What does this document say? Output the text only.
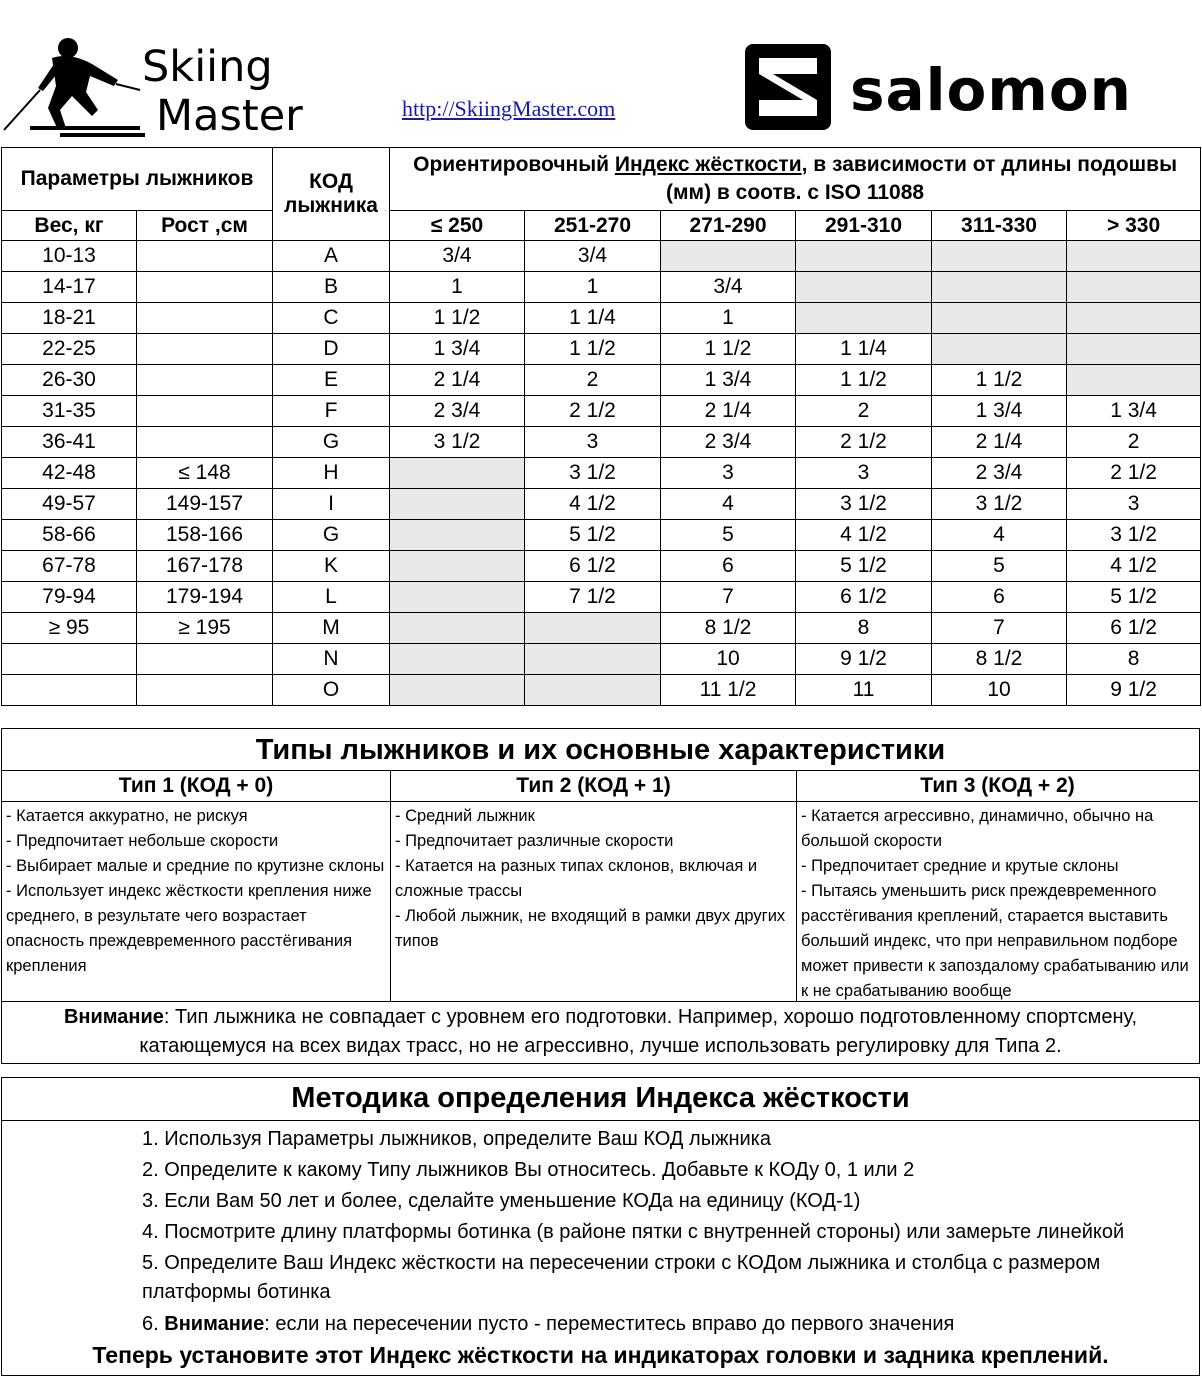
Skiing
Master	http://SkiingMaster.com	salomon
Параметры лыжников		КОД лыжника	Ориентировочный Индекс жёсткости, в зависимости от длины подошвы (мм) в соотв. с ISO 11088					
Вес, кг	Рост ,см		≤ 250	251-270	271-290	291-310	311-330	> 330
10-13		A	3/4	3/4				
14-17		B	1	1	3/4			
18-21		C	1 1/2	1 1/4	1			
22-25		D	1 3/4	1 1/2	1 1/2	1 1/4		
26-30		E	2 1/4	2	1 3/4	1 1/2	1 1/2	
31-35		F	2 3/4	2 1/2	2 1/4	2	1 3/4	1 3/4
36-41		G	3 1/2	3	2 3/4	2 1/2	2 1/4	2
42-48	≤ 148	H		3 1/2	3	3	2 3/4	2 1/2
49-57	149-157	I		4 1/2	4	3 1/2	3 1/2	3
58-66	158-166	G		5 1/2	5	4 1/2	4	3 1/2
67-78	167-178	K		6 1/2	6	5 1/2	5	4 1/2
79-94	179-194	L		7 1/2	7	6 1/2	6	5 1/2
≥ 95	≥ 195	M			8 1/2	8	7	6 1/2
		N			10	9 1/2	8 1/2	8
		O			11 1/2	11	10	9 1/2
Типы лыжников и их основные характеристики
Тип 1 (КОД + 0)
- Катается аккуратно, не рискуя
- Предпочитает небольше скорости
- Выбирает малые и средние по крутизне склоны
- Использует индекс жёсткости крепления ниже среднего, в результате чего возрастает опасность преждевременного расстёгивания крепления
Тип 2 (КОД + 1)
- Средний лыжник
- Предпочитает различные скорости
- Катается на разных типах склонов, включая и сложные трассы
- Любой лыжник, не входящий в рамки двух других типов
Тип 3 (КОД + 2)
- Катается агрессивно, динамично, обычно на большой скорости
- Предпочитает средние и крутые склоны
- Пытаясь уменьшить риск преждевременного расстёгивания креплений, старается выставить больший индекс, что при неправильном подборе может привести к запоздалому срабатыванию или к не срабатыванию вообще
Внимание: Тип лыжника не совпадает с уровнем его подготовки. Например, хорошо подготовленному спортсмену, катающемуся на всех видах трасс, но не агрессивно, лучше использовать регулировку для Типа 2.
Методика определения Индекса жёсткости
1. Используя Параметры лыжников, определите Ваш КОД лыжника
2. Определите к какому Типу лыжников Вы относитесь. Добавьте к КОДу 0, 1 или 2
3. Если Вам 50 лет и более, сделайте уменьшение КОДа на единицу (КОД-1)
4. Посмотрите длину платформы ботинка (в районе пятки с внутренней стороны) или замерьте линейкой
5. Определите Ваш Индекс жёсткости на пересечении строки с КОДом лыжника и столбца с размером платформы ботинка
6. Внимание: если на пересечении пусто - переместитесь вправо до первого значения
Теперь установите этот Индекс жёсткости на индикаторах головки и задника креплений.
